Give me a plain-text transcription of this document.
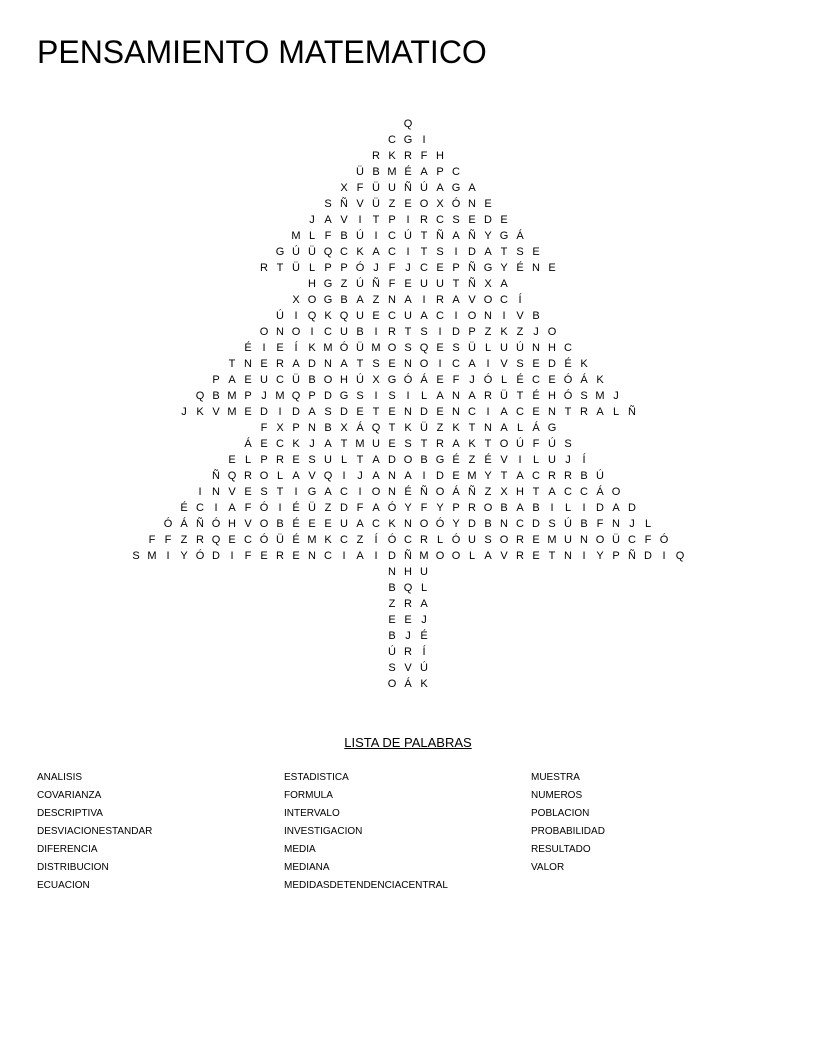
PENSAMIENTO MATEMATICO
Q
C G I
R K R F H
Ü B M É A P C
X F Ü U Ñ Ú A G A
S Ñ V Ü Z E O X Ó N E
J A V I T P I R C S E D E
M L F B Ú I C Ú T Ñ A Ñ Y G Á
G Ú Ü Q C K A C I T S I D A T S E
R T Ü L P P Ó J F J C E P Ñ G Y É N E
H G Z Ú Ñ F E U U T Ñ X A
X O G B A Z N A I R A V O C Í
Ú I Q K Q U E C U A C I O N I V B
O N O I C U B I R T S I D P Z K Z J O
É I E Í K M Ó Ü M O S Q E S Ü L U Ú N H C
T N E R A D N A T S E N O I C A I V S E D É K
P A E U C Ü B O H Ú X G Ó Á E F J Ó L É C E Ó Á K
Q B M P J M Q P D G S I S I L A N A R Ü T É H Ó S M J
J K V M E D I D A S D E T E N D E N C I A C E N T R A L Ñ
F X P N B X Á Q T K Ü Z K T N A L Á G
Á E C K J A T M U E S T R A K T O Ú F Ú S
E L P R E S U L T A D O B G É Z É V I L U J Í
Ñ Q R O L A V Q I J A N A I D E M Y T A C R R B Ú
I N V E S T I G A C I O N É Ñ O Á Ñ Z X H T A C C Á O
É C I A F Ó I É Ü Z D F A Ó Y F Y P R O B A B I L I D A D
Ó Á Ñ Ó H V O B É E E U A C K N O Ó Y D B N C D S Ú B F N J L
F F Z R Q E C Ó Ü É M K C Z Í Ó C R L Ó U S O R E M U N O Ü C F Ó
S M I Y Ó D I F E R E N C I A I D Ñ M O O L A V R E T N I Y P Ñ D I Q
N H U
B Q L
Z R A
E E J
B J É
Ú R Í
S V Ú
O Á K
LISTA DE PALABRAS
ANALISIS
COVARIANZA
DESCRIPTIVA
DESVIACIONESTANDAR
DIFERENCIA
DISTRIBUCION
ECUACION
ESTADISTICA
FORMULA
INTERVALO
INVESTIGACION
MEDIA
MEDIANA
MEDIDASDETENDENCIACENTRAL
MUESTRA
NUMEROS
POBLACION
PROBABILIDAD
RESULTADO
VALOR
